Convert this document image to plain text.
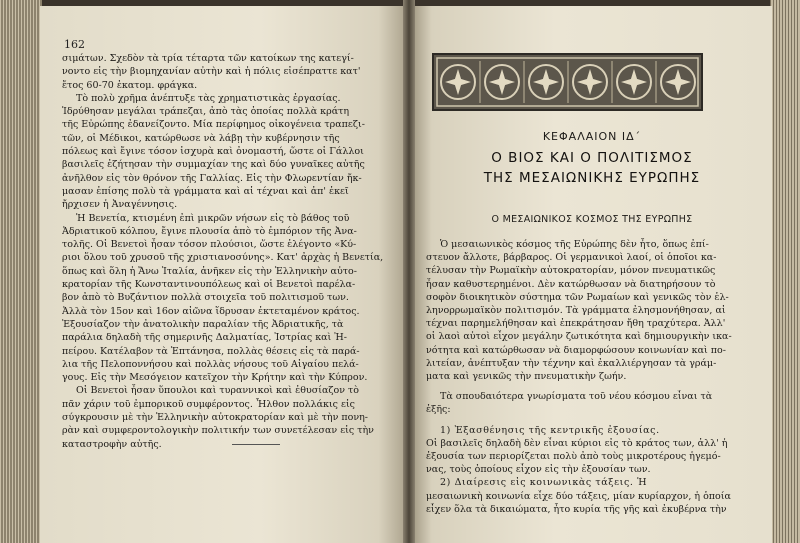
162
σιμάτων. Σχεδὸν τὰ τρία τέταρτα τῶν κατοίκων της κατεγί-
νοντο εἰς τὴν βιομηχανίαν αὐτὴν καὶ ἡ πόλις εἰσέπραττε κατ'
ἔτος 60-70 ἑκατομ. φράγκα.
Τὸ πολὺ χρῆμα ἀνέπτυξε τὰς χρηματιστικὰς ἐργασίας.
Ἱδρύθησαν μεγάλαι τράπεζαι, ἀπὸ τὰς ὁποίας πολλὰ κράτη
τῆς Εὐρώπης ἐδανείζοντο. Μία περίφημος οἰκογένεια τραπεζι-
τῶν, οἱ Μέδικοι, κατώρθωσε νὰ λάβῃ τὴν κυβέρνησιν τῆς
πόλεως καὶ ἔγινε τόσον ἰσχυρὰ καὶ ὀνομαστή, ὥστε οἱ Γάλλοι
βασιλεῖς ἐζήτησαν τὴν συμμαχίαν της καὶ δύο γυναῖκες αὐτῆς
ἀνῆλθον εἰς τὸν θρόνον τῆς Γαλλίας. Εἰς τὴν Φλωρεντίαν ἤκ-
μασαν ἐπίσης πολὺ τὰ γράμματα καὶ αἱ τέχναι καὶ ἀπ' ἐκεῖ
ἤρχισεν ἡ Ἀναγέννησις.
Ἡ Βενετία, κτισμένη ἐπὶ μικρῶν νήσων εἰς τὸ βάθος τοῦ
Ἀδριατικοῦ κόλπου, ἔγινε πλουσία ἀπὸ τὸ ἐμπόριον τῆς Ἀνα-
τολῆς. Οἱ Βενετοὶ ἦσαν τόσον πλούσιοι, ὥστε ἐλέγοντο «Κύ-
ριοι ὅλου τοῦ χρυσοῦ τῆς χριστιανοσύνης». Κατ' ἀρχὰς ἡ Βενετία,
ὅπως καὶ ὅλη ἡ Ἄνω Ἰταλία, ἀνῆκεν εἰς τὴν Ἑλληνικὴν αὐτο-
κρατορίαν τῆς Κωνσταντινουπόλεως καὶ οἱ Βενετοὶ παρέλα-
βον ἀπὸ τὸ Βυζάντιον πολλὰ στοιχεῖα τοῦ πολιτισμοῦ των.
Ἀλλὰ τὸν 15ον καὶ 16ον αἰῶνα ἵδρυσαν ἐκτεταμένον κράτος.
Ἐξουσίαζον τὴν ἀνατολικὴν παραλίαν τῆς Ἀδριατικῆς, τὰ
παράλια δηλαδὴ τῆς σημερινῆς Δαλματίας, Ἰστρίας καὶ Ἠ-
πείρου. Κατέλαβον τὰ Ἑπτάνησα, πολλὰς θέσεις εἰς τὰ παρά-
λια τῆς Πελοποννήσου καὶ πολλὰς νήσους τοῦ Αἰγαίου πελά-
γους. Εἰς τὴν Μεσόγειον κατεῖχον τὴν Κρήτην καὶ τὴν Κύπρον.
Οἱ Βενετοὶ ἦσαν ὕπουλοι καὶ τυραννικοὶ καὶ ἐθυσίαζον τὸ
πᾶν χάριν τοῦ ἐμπορικοῦ συμφέροντος. Ἦλθον πολλάκις εἰς
σύγκρουσιν μὲ τὴν Ἑλληνικὴν αὐτοκρατορίαν καὶ μὲ τὴν πονη-
ρὰν καὶ συμφεροντολογικὴν πολιτικήν των συνετέλεσαν εἰς τὴν
καταστροφὴν αὐτῆς.
ΚΕΦΑΛΑΙΟΝ ΙΔ΄
Ο ΒΙΟΣ ΚΑΙ Ο ΠΟΛΙΤΙΣΜΟΣ
ΤΗΣ ΜΕΣΑΙΩΝΙΚΗΣ ΕΥΡΩΠΗΣ
Ο ΜΕΣΑΙΩΝΙΚΟΣ ΚΟΣΜΟΣ ΤΗΣ ΕΥΡΩΠΗΣ
Ὁ μεσαιωνικὸς κόσμος τῆς Εὐρώπης δὲν ἦτο, ὅπως ἐπί-
στευον ἄλλοτε, βάρβαρος. Οἱ γερμανικοὶ λαοί, οἱ ὁποῖοι κα-
τέλυσαν τὴν Ρωμαϊκὴν αὐτοκρατορίαν, μόνον πνευματικῶς
ἦσαν καθυστερημένοι. Δὲν κατώρθωσαν νὰ διατηρήσουν τὸ
σοφὸν διοικητικὸν σύστημα τῶν Ρωμαίων καὶ γενικῶς τὸν ἑλ-
ληνορρωμαϊκὸν πολιτισμόν. Τὰ γράμματα ἐλησμονήθησαν, αἱ
τέχναι παρημελήθησαν καὶ ἐπεκράτησαν ἤθη τραχύτερα. Ἀλλ'
οἱ λαοὶ αὐτοὶ εἶχον μεγάλην ζωτικότητα καὶ δημιουργικὴν ικα-
νότητα καὶ κατώρθωσαν νὰ διαμορφώσουν κοινωνίαν καὶ πο-
λιτείαν, ἀνέπτυξαν τὴν τέχνην καὶ ἐκαλλιέργησαν τὰ γράμ-
ματα καὶ γενικῶς τὴν πνευματικὴν ζωήν.
Τὰ σπουδαιότερα γνωρίσματα τοῦ νέου κόσμου εἶναι τὰ
ἑξῆς:
1) Ἐξασθένησις τῆς κεντρικῆς ἐξουσίας.
Οἱ βασιλεῖς δηλαδὴ δὲν εἶναι κύριοι εἰς τὸ κράτος των, ἀλλ' ἡ
ἐξουσία των περιορίζεται πολὺ ἀπὸ τοὺς μικροτέρους ἡγεμό-
νας, τοὺς ὁποίους εἶχον εἰς τὴν ἐξουσίαν των.
2) Διαίρεσις εἰς κοινωνικὰς τάξεις. Ἡ
μεσαιωνικὴ κοινωνία εἶχε δύο τάξεις, μίαν κυρίαρχον, ἡ ὁποία
εἶχεν ὅλα τὰ δικαιώματα, ἦτο κυρία τῆς γῆς καὶ ἐκυβέρνα τὴν
